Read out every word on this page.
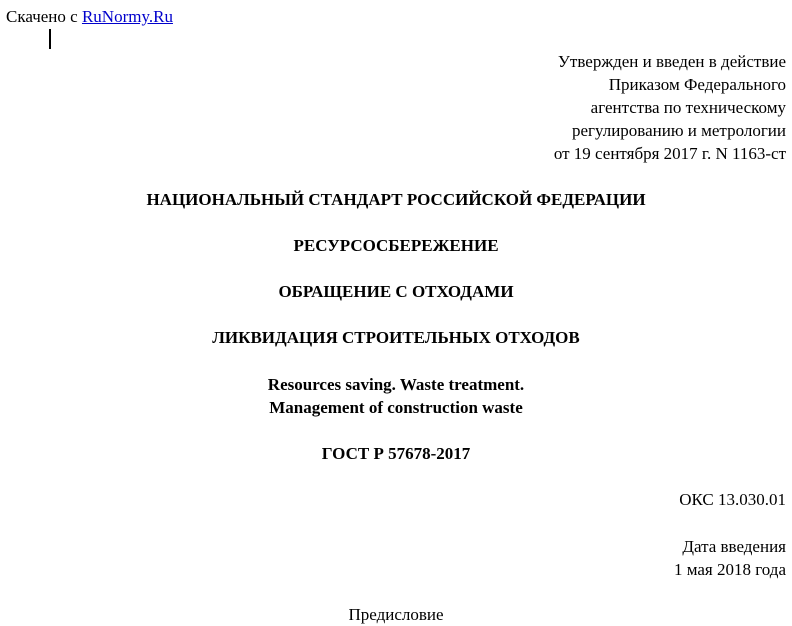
Скачено с RuNormy.Ru
Утвержден и введен в действие
Приказом Федерального
агентства по техническому
регулированию и метрологии
от 19 сентября 2017 г. N 1163-ст
НАЦИОНАЛЬНЫЙ СТАНДАРТ РОССИЙСКОЙ ФЕДЕРАЦИИ
РЕСУРСОСБЕРЕЖЕНИЕ
ОБРАЩЕНИЕ С ОТХОДАМИ
ЛИКВИДАЦИЯ СТРОИТЕЛЬНЫХ ОТХОДОВ
Resources saving. Waste treatment.
Management of construction waste
ГОСТ Р 57678-2017
ОКС 13.030.01
Дата введения
1 мая 2018 года
Предисловие
